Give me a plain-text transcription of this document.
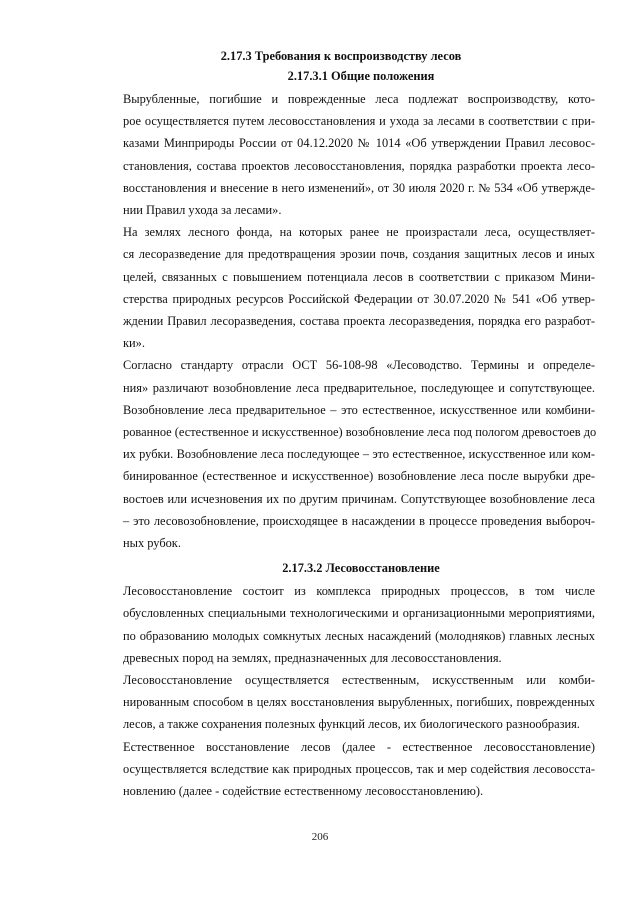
2.17.3 Требования к воспроизводству лесов

2.17.3.1 Общие положения

Вырубленные, погибшие и поврежденные леса подлежат воспроизводству, кото-
рое осуществляется путем лесовосстановления и ухода за лесами в соответствии с при-
казами Минприроды России от 04.12.2020 № 1014 «Об утверждении Правил лесовос-
становления, состава проектов лесовосстановления, порядка разработки проекта лесо-
восстановления и внесение в него изменений», от 30 июля 2020 г. № 534 «Об утвержде-
нии Правил ухода за лесами».
На землях лесного фонда, на которых ранее не произрастали леса, осуществляет-
ся лесоразведение для предотвращения эрозии почв, создания защитных лесов и иных
целей, связанных с повышением потенциала лесов в соответствии с приказом Мини-
стерства природных ресурсов Российской Федерации от 30.07.2020 № 541 «Об утвер-
ждении Правил лесоразведения, состава проекта лесоразведения, порядка его разработ-
ки».
Согласно стандарту отрасли ОСТ 56-108-98 «Лесоводство. Термины и определе-
ния» различают возобновление леса предварительное, последующее и сопутствующее.
Возобновление леса предварительное – это естественное, искусственное или комбини-
рованное (естественное и искусственное) возобновление леса под пологом древостоев до
их рубки. Возобновление леса последующее – это естественное, искусственное или ком-
бинированное (естественное и искусственное) возобновление леса после вырубки дре-
востоев или исчезновения их по другим причинам. Сопутствующее возобновление леса
– это лесовозобновление, происходящее в насаждении в процессе проведения выбороч-
ных рубок.

2.17.3.2 Лесовосстановление

Лесовосстановление состоит из комплекса природных процессов, в том числе
обусловленных специальными технологическими и организационными мероприятиями,
по образованию молодых сомкнутых лесных насаждений (молодняков) главных лесных
древесных пород на землях, предназначенных для лесовосстановления.
Лесовосстановление осуществляется естественным, искусственным или комби-
нированным способом в целях восстановления вырубленных, погибших, поврежденных
лесов, а также сохранения полезных функций лесов, их биологического разнообразия.
Естественное восстановление лесов (далее - естественное лесовосстановление)
осуществляется вследствие как природных процессов, так и мер содействия лесовосста-
новлению (далее - содействие естественному лесовосстановлению).
206
